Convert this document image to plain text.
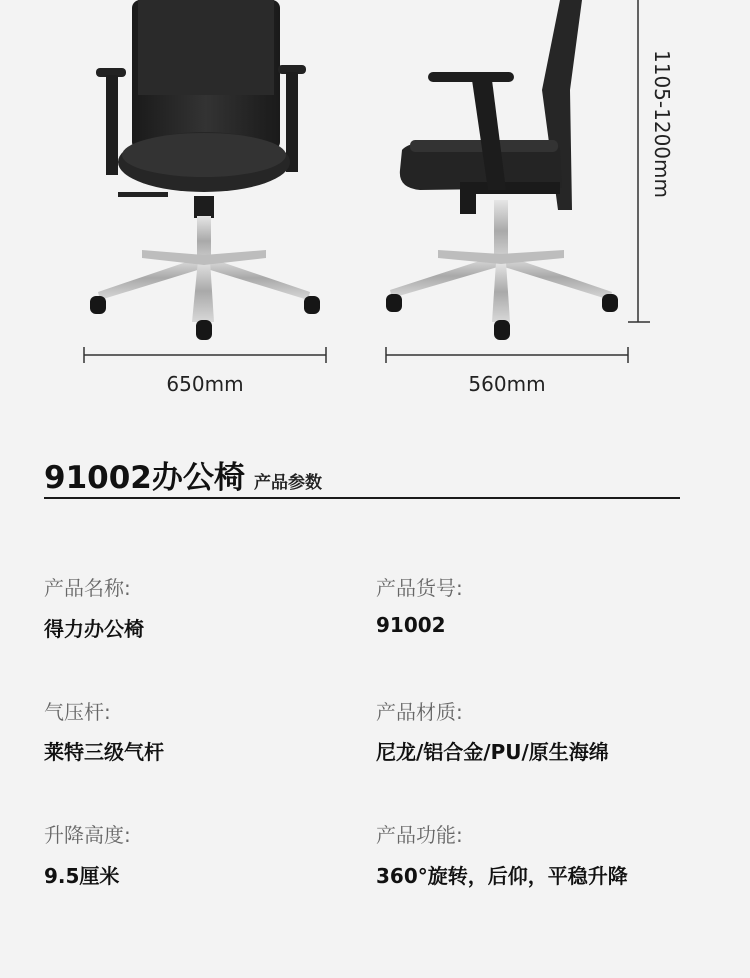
650mm	560mm
1105-1200mm
91002办公椅 产品参数
产品名称:
得力办公椅
产品货号:
91002
气压杆:
莱特三级气杆
产品材质:
尼龙/铝合金/PU/原生海绵
升降高度:
9.5厘米
产品功能:
360°旋转，后仰，平稳升降
